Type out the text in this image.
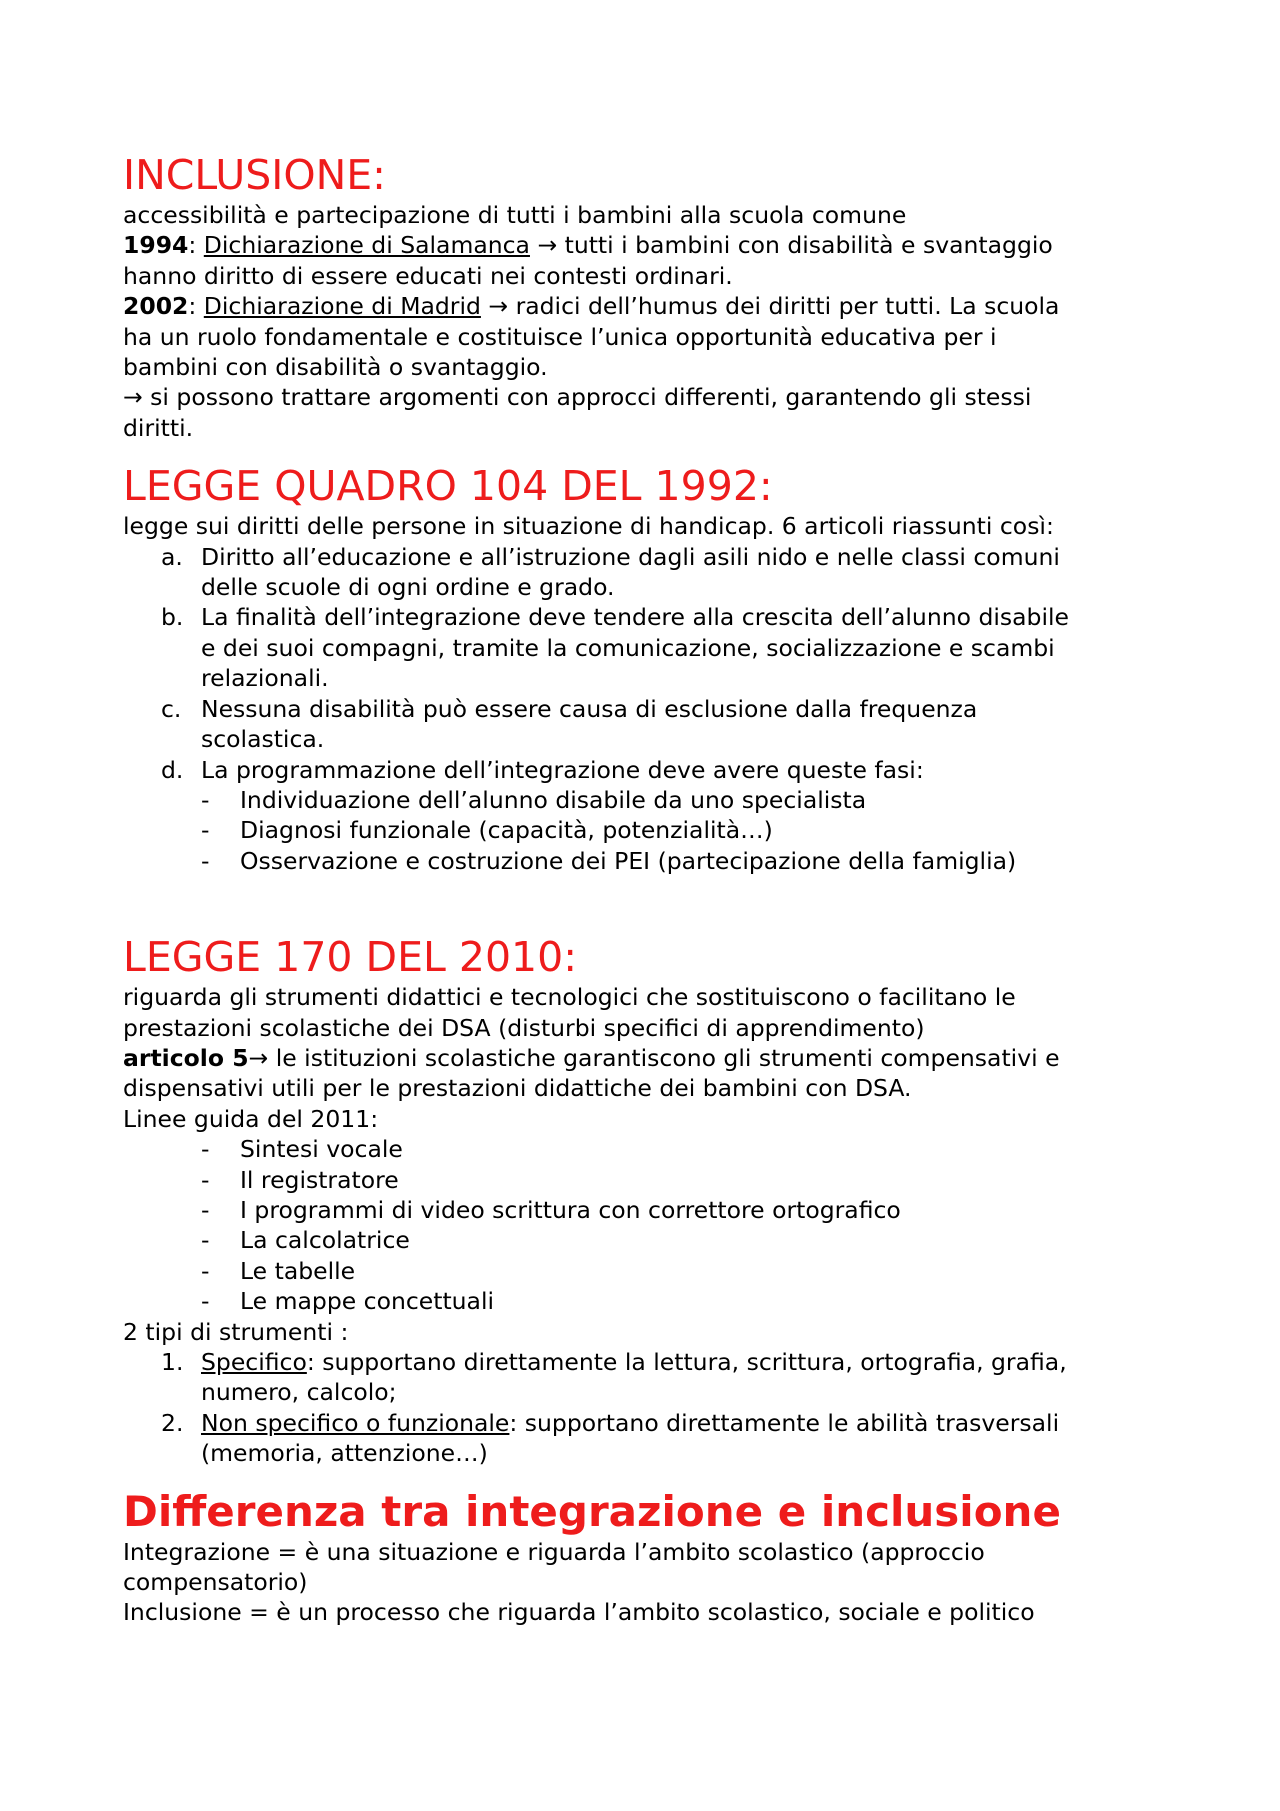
INCLUSIONE:
accessibilità e partecipazione di tutti i bambini alla scuola comune
1994: Dichiarazione di Salamanca → tutti i bambini con disabilità e svantaggio
hanno diritto di essere educati nei contesti ordinari.
2002: Dichiarazione di Madrid → radici dell’humus dei diritti per tutti. La scuola
ha un ruolo fondamentale e costituisce l’unica opportunità educativa per i
bambini con disabilità o svantaggio.
→ si possono trattare argomenti con approcci differenti, garantendo gli stessi
diritti.
LEGGE QUADRO 104 DEL 1992:
legge sui diritti delle persone in situazione di handicap. 6 articoli riassunti così:
a. Diritto all’educazione e all’istruzione dagli asili nido e nelle classi comuni
delle scuole di ogni ordine e grado.
b. La finalità dell’integrazione deve tendere alla crescita dell’alunno disabile
e dei suoi compagni, tramite la comunicazione, socializzazione e scambi
relazionali.
c. Nessuna disabilità può essere causa di esclusione dalla frequenza
scolastica.
d. La programmazione dell’integrazione deve avere queste fasi:
- Individuazione dell’alunno disabile da uno specialista
- Diagnosi funzionale (capacità, potenzialità…)
- Osservazione e costruzione dei PEI (partecipazione della famiglia)
LEGGE 170 DEL 2010:
riguarda gli strumenti didattici e tecnologici che sostituiscono o facilitano le
prestazioni scolastiche dei DSA (disturbi specifici di apprendimento)
articolo 5→ le istituzioni scolastiche garantiscono gli strumenti compensativi e
dispensativi utili per le prestazioni didattiche dei bambini con DSA.
Linee guida del 2011:
- Sintesi vocale
- Il registratore
- I programmi di video scrittura con correttore ortografico
- La calcolatrice
- Le tabelle
- Le mappe concettuali
2 tipi di strumenti :
1. Specifico: supportano direttamente la lettura, scrittura, ortografia, grafia,
numero, calcolo;
2. Non specifico o funzionale: supportano direttamente le abilità trasversali
(memoria, attenzione…)
Differenza tra integrazione e inclusione
Integrazione = è una situazione e riguarda l’ambito scolastico (approccio
compensatorio)
Inclusione = è un processo che riguarda l’ambito scolastico, sociale e politico
